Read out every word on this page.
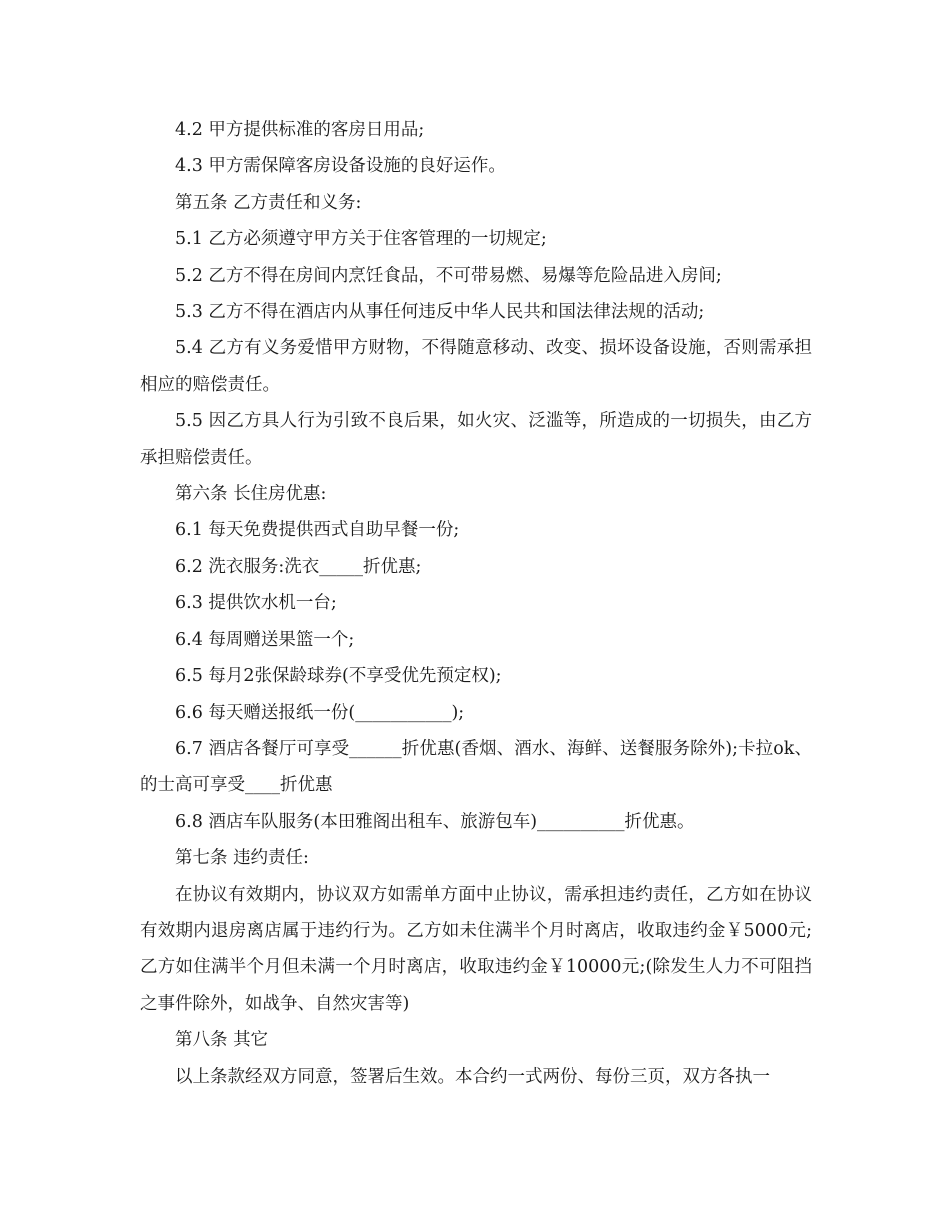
4.2 甲方提供标准的客房日用品;

4.3 甲方需保障客房设备设施的良好运作。

第五条 乙方责任和义务:

5.1 乙方必须遵守甲方关于住客管理的一切规定;

5.2 乙方不得在房间内烹饪食品，不可带易燃、易爆等危险品进入房间;

5.3 乙方不得在酒店内从事任何违反中华人民共和国法律法规的活动;

5.4 乙方有义务爱惜甲方财物，不得随意移动、改变、损坏设备设施，否则需承担相应的赔偿责任。

5.5 因乙方具人行为引致不良后果，如火灾、泛滥等，所造成的一切损失，由乙方承担赔偿责任。

第六条 长住房优惠:

6.1 每天免费提供西式自助早餐一份;

6.2 洗衣服务:洗衣_____折优惠;

6.3 提供饮水机一台;

6.4 每周赠送果篮一个;

6.5 每月2张保龄球券(不享受优先预定权);

6.6 每天赠送报纸一份(___________);

6.7 酒店各餐厅可享受______折优惠(香烟、酒水、海鲜、送餐服务除外);卡拉ok、的士高可享受____折优惠

6.8 酒店车队服务(本田雅阁出租车、旅游包车)__________折优惠。

第七条 违约责任:

在协议有效期内，协议双方如需单方面中止协议，需承担违约责任，乙方如在协议有效期内退房离店属于违约行为。乙方如未住满半个月时离店，收取违约金￥5000元;乙方如住满半个月但未满一个月时离店，收取违约金￥10000元;(除发生人力不可阻挡之事件除外，如战争、自然灾害等)

第八条 其它

以上条款经双方同意，签署后生效。本合约一式两份、每份三页，双方各执一
